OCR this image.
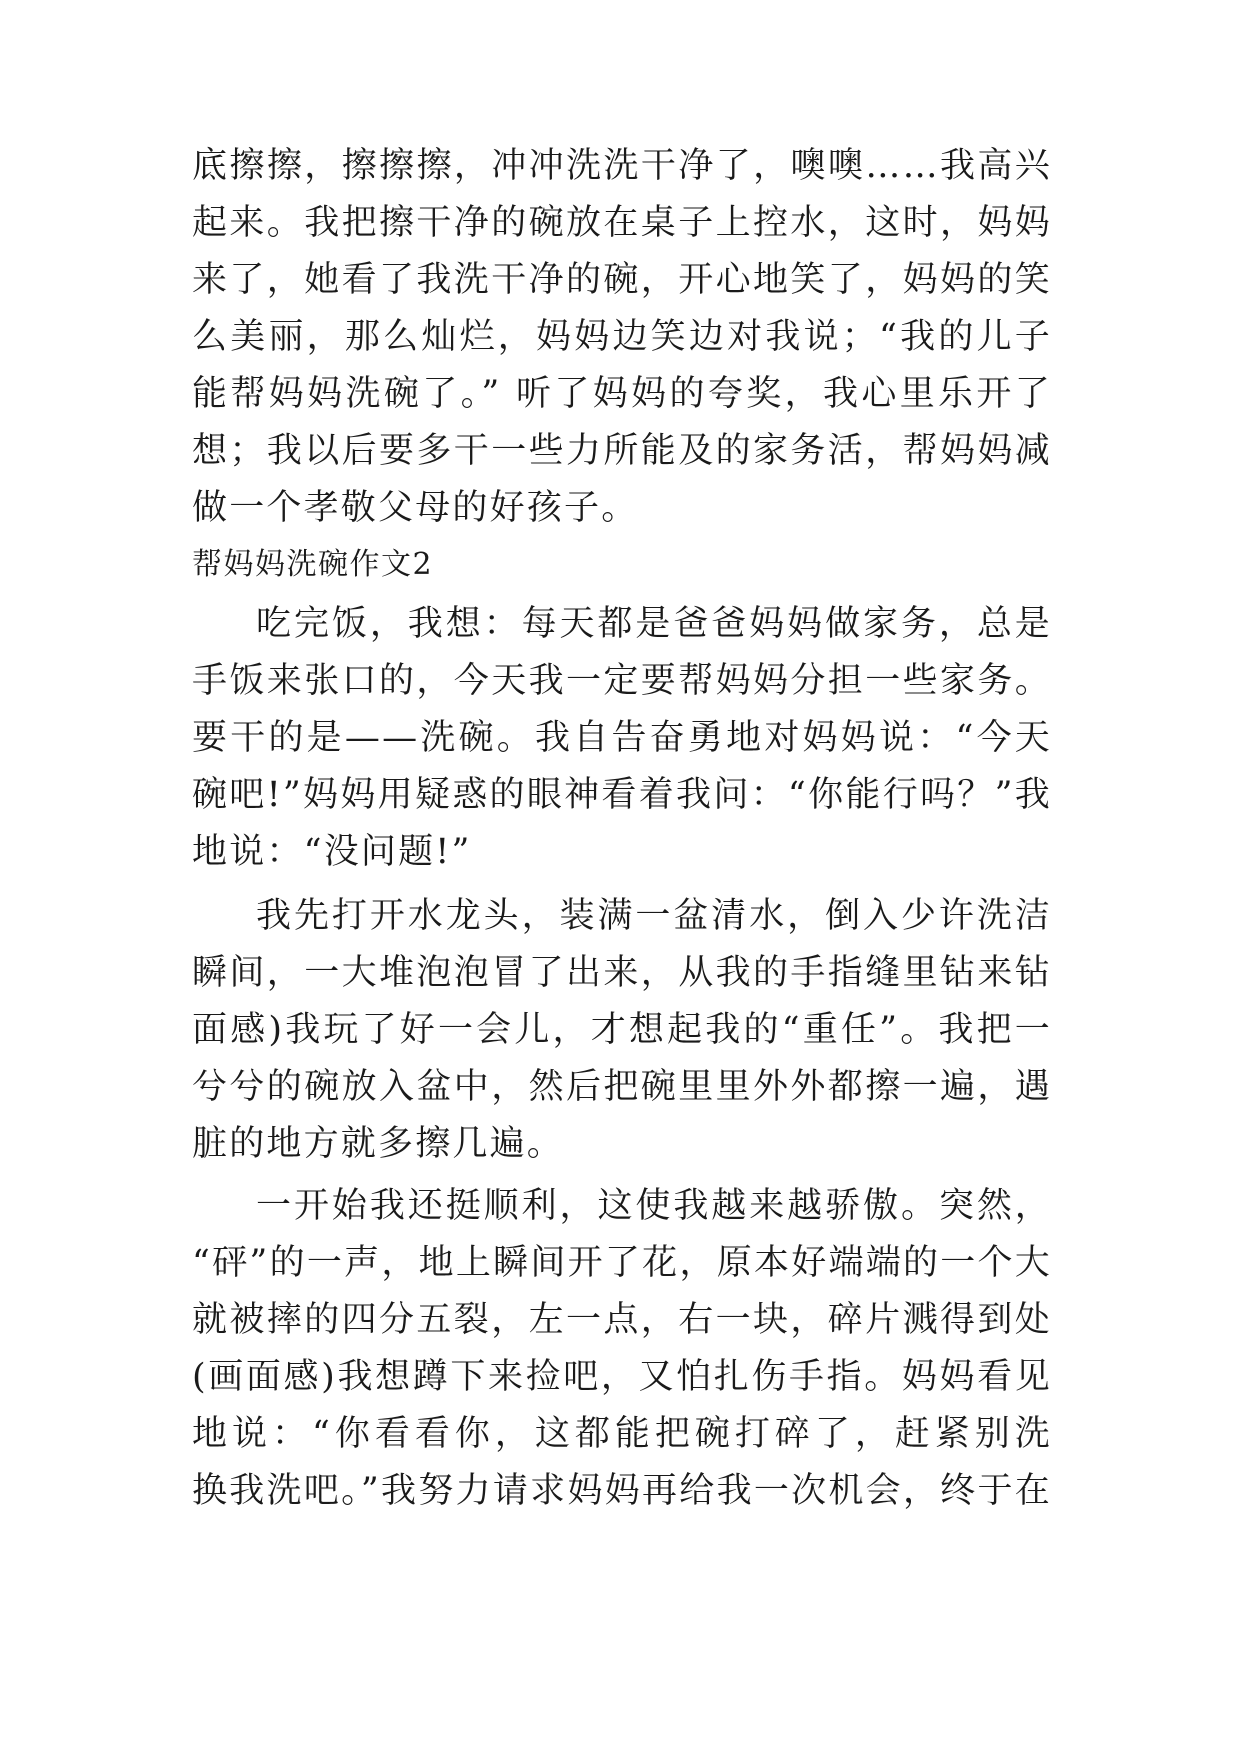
底擦擦，擦擦擦，冲冲洗洗干净了，噢噢……我高兴
起来。我把擦干净的碗放在桌子上控水，这时，妈妈
来了，她看了我洗干净的碗，开心地笑了，妈妈的笑
么美丽，那么灿烂，妈妈边笑边对我说；“我的儿子
能帮妈妈洗碗了。” 听了妈妈的夸奖，我心里乐开了
想；我以后要多干一些力所能及的家务活，帮妈妈减
做一个孝敬父母的好孩子。
帮妈妈洗碗作文2
吃完饭，我想：每天都是爸爸妈妈做家务，总是
手饭来张口的，今天我一定要帮妈妈分担一些家务。
要干的是——洗碗。我自告奋勇地对妈妈说：“今天
碗吧!”妈妈用疑惑的眼神看着我问：“你能行吗？”我
地说：“没问题!”
我先打开水龙头，装满一盆清水，倒入少许洗洁
瞬间，一大堆泡泡冒了出来，从我的手指缝里钻来钻
面感)我玩了好一会儿，才想起我的“重任”。我把一
兮兮的碗放入盆中，然后把碗里里外外都擦一遍，遇
脏的地方就多擦几遍。
一开始我还挺顺利，这使我越来越骄傲。突然，
“砰”的一声，地上瞬间开了花，原本好端端的一个大
就被摔的四分五裂，左一点，右一块，碎片溅得到处
(画面感)我想蹲下来捡吧，又怕扎伤手指。妈妈看见
地说：“你看看你，这都能把碗打碎了，赶紧别洗
换我洗吧。”我努力请求妈妈再给我一次机会，终于在
